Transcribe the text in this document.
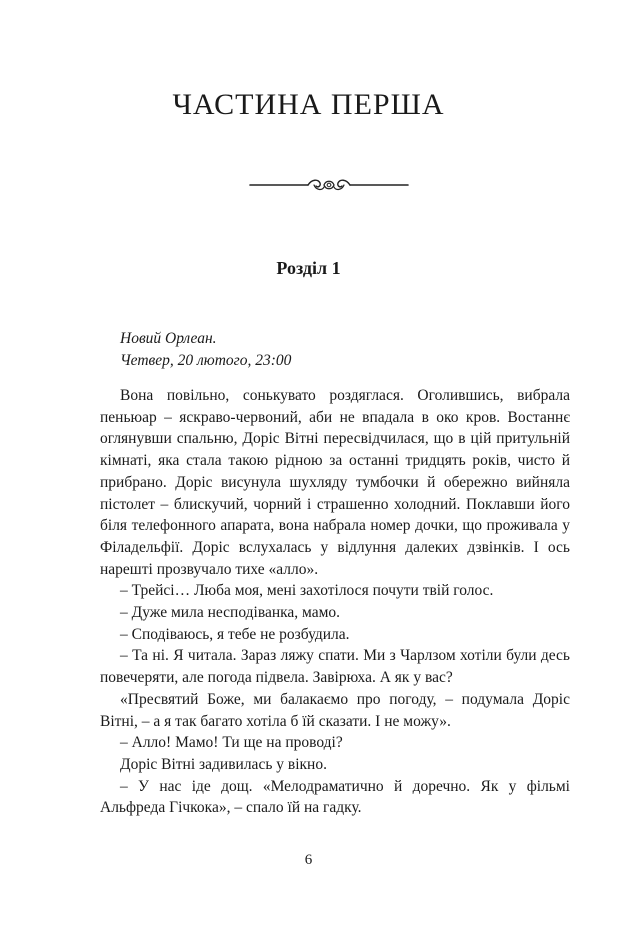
ЧАСТИНА ПЕРША
Розділ 1
Новий Орлеан.
Четвер, 20 лютого, 23:00

Вона повільно, сонькувато роздяглася. Оголившись, вибрала пеньюар – яскраво-червоний, аби не впадала в око кров. Востаннє оглянувши спальню, Доріс Вітні пересвідчилася, що в цій притульній кімнаті, яка стала такою рідною за останні тридцять років, чисто й прибрано. Доріс висунула шухляду тумбочки й обережно вийняла пістолет – блискучий, чорний і страшенно холодний. Поклавши його біля телефонного апарата, вона набрала номер дочки, що проживала у Філадельфії. Доріс вслухалась у відлуння далеких дзвінків. І ось нарешті прозвучало тихе «алло».

– Трейсі… Люба моя, мені захотілося почути твій голос.

– Дуже мила несподіванка, мамо.

– Сподіваюсь, я тебе не розбудила.

– Та ні. Я читала. Зараз ляжу спати. Ми з Чарлзом хотіли були десь повечеряти, але погода підвела. Завірюха. А як у вас?

«Пресвятий Боже, ми балакаємо про погоду, – подумала Доріс Вітні, – а я так багато хотіла б їй сказати. І не можу».

– Алло! Мамо! Ти ще на проводі?

Доріс Вітні задивилась у вікно.

– У нас іде дощ. «Мелодраматично й доречно. Як у фільмі Альфреда Гічкока», – спало їй на гадку.

6
